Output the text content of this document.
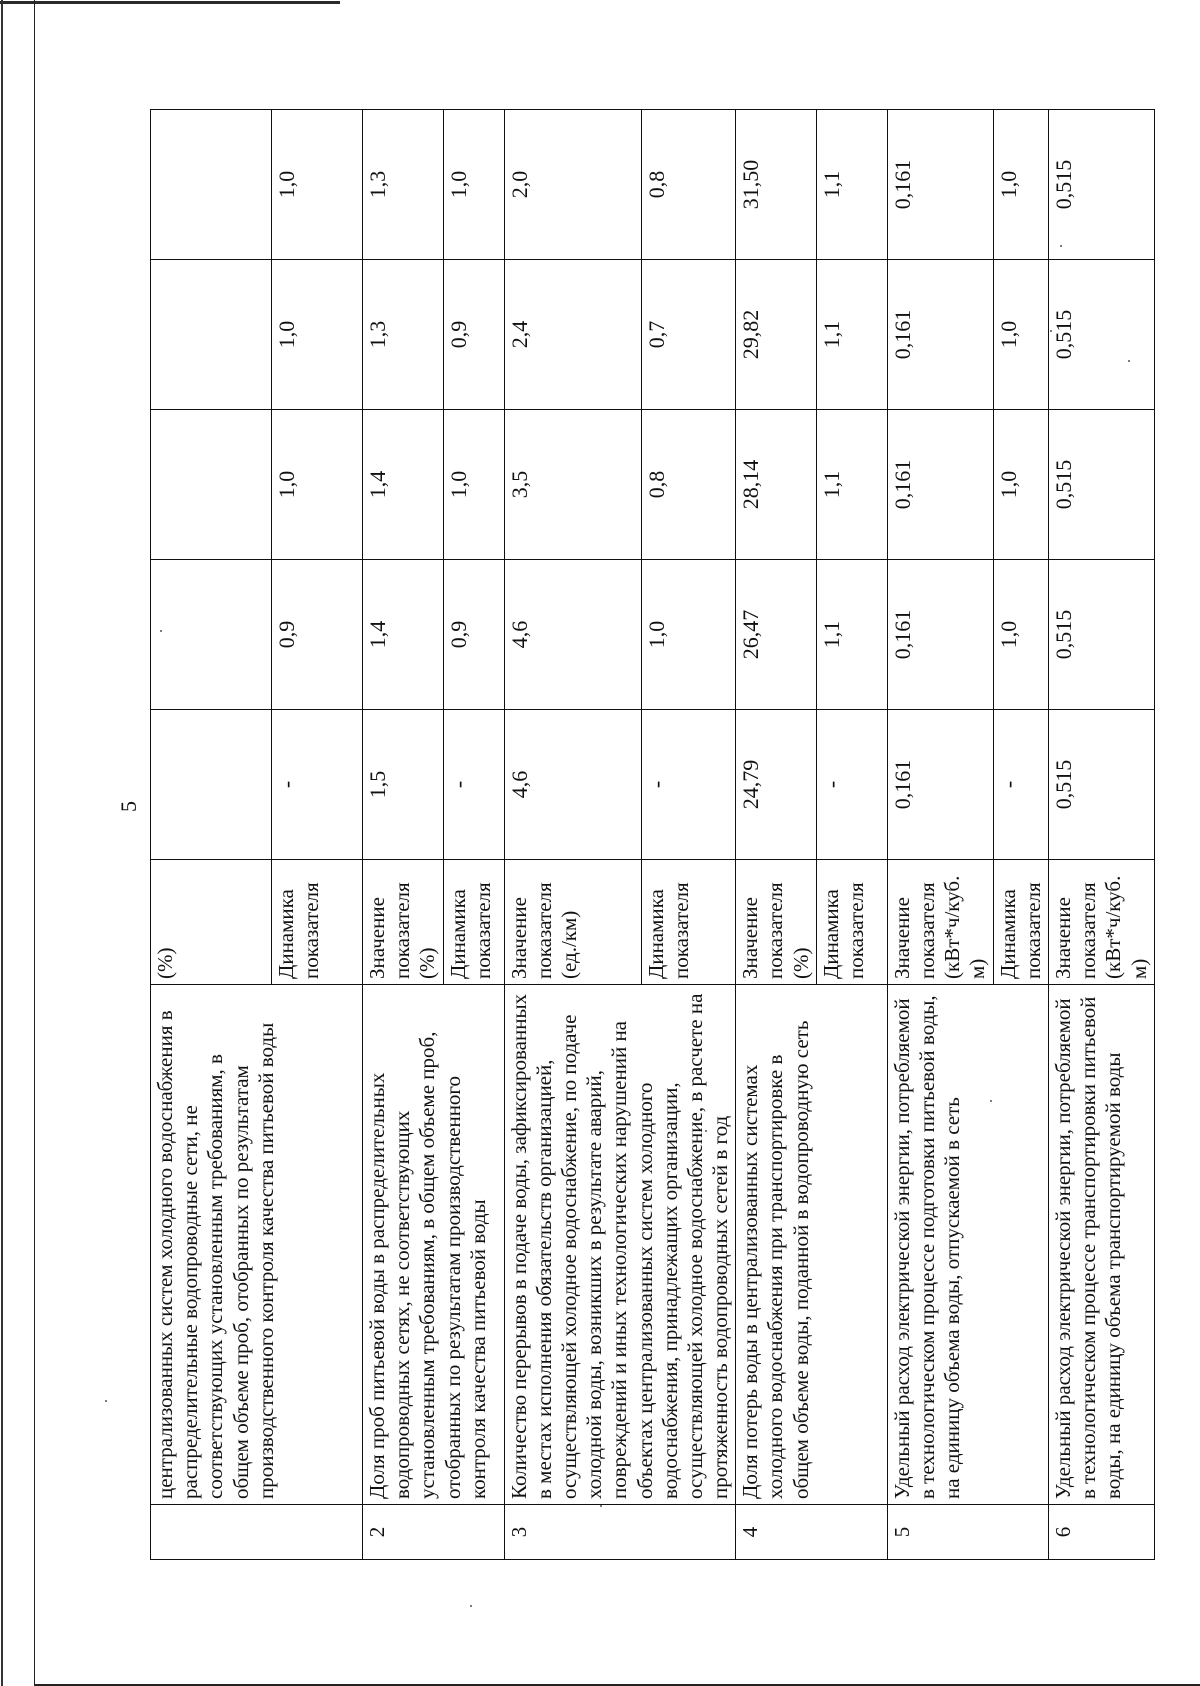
5
	централизованных систем холодного водоснабжения в распределительные водопроводные сети, не соответствующих установленным требованиям, в общем объеме проб, отобранных по результатам производственного контроля качества питьевой воды	(%)					
		Динамика показателя	-	0,9	1,0	1,0	1,0
2	Доля проб питьевой воды в распределительных водопроводных сетях, не соответствующих установленным требованиям, в общем объеме проб, отобранных по результатам производственного контроля качества питьевой воды	Значение показателя (%)	1,5	1,4	1,4	1,3	1,3
		Динамика показателя	-	0,9	1,0	0,9	1,0
3	Количество перерывов в подаче воды, зафиксированных в местах исполнения обязательств организацией, осуществляющей холодное водоснабжение, по подаче холодной воды, возникших в результате аварий, повреждений и иных технологических нарушений на объектах централизованных систем холодного водоснабжения, принадлежащих организации, осуществляющей холодное водоснабжение, в расчете на протяженность водопроводных сетей в год	Значение показателя (ед./км)	4,6	4,6	3,5	2,4	2,0
		Динамика показателя	-	1,0	0,8	0,7	0,8
4	Доля потерь воды в централизованных системах холодного водоснабжения при транспортировке в общем объеме воды, поданной в водопроводную сеть	Значение показателя (%)	24,79	26,47	28,14	29,82	31,50
		Динамика показателя	-	1,1	1,1	1,1	1,1
5	Удельный расход электрической энергии, потребляемой в технологическом процессе подготовки питьевой воды, на единицу объема воды, отпускаемой в сеть	Значение показателя (кВт*ч/куб. м)	0,161	0,161	0,161	0,161	0,161
		Динамика показателя	-	1,0	1,0	1,0	1,0
6	Удельный расход электрической энергии, потребляемой в технологическом процессе транспортировки питьевой воды, на единицу объема транспортируемой воды	Значение показателя (кВт*ч/куб. м)	0,515	0,515	0,515	0,515	0,515
